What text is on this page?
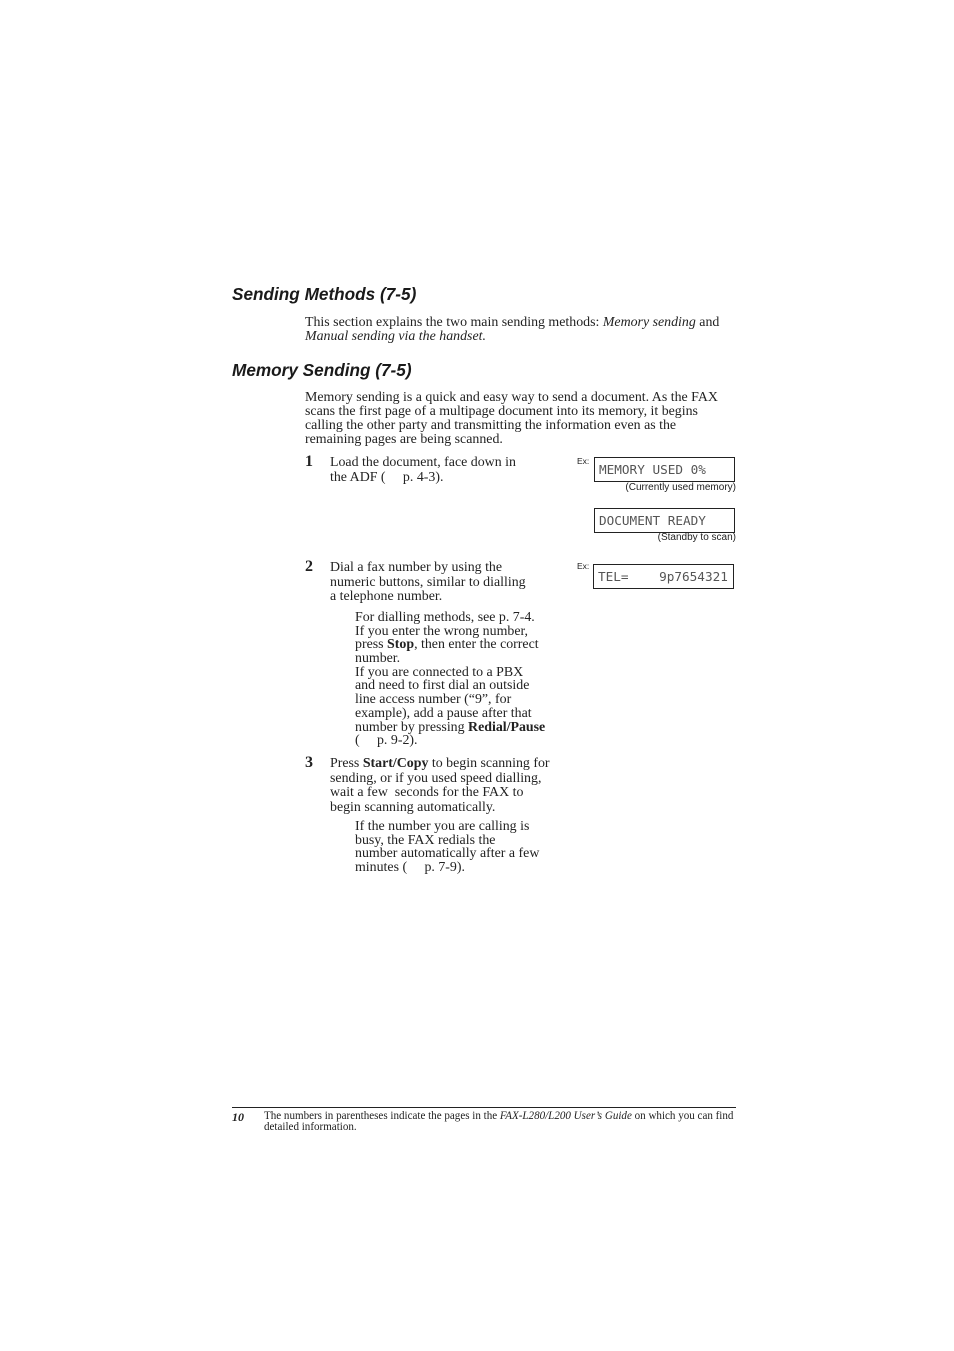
Sending Methods (7-5)
This section explains the two main sending methods: Memory sending and
Manual sending via the handset.
Memory Sending (7-5)
Memory sending is a quick and easy way to send a document. As the FAX
scans the first page of a multipage document into its memory, it begins
calling the other party and transmitting the information even as the
remaining pages are being scanned.
1 Load the document, face down in
the ADF (     p. 4-3).
Ex:
MEMORY USED 0%
(Currently used memory)
DOCUMENT READY
(Standby to scan)
Ex:
TEL=    9p7654321
2 Dial a fax number by using the
numeric buttons, similar to dialling
a telephone number.
For dialling methods, see p. 7-4.
If you enter the wrong number,
press Stop, then enter the correct
number.
If you are connected to a PBX
and need to first dial an outside
line access number (“9”, for
example), add a pause after that
number by pressing Redial/Pause
(     p. 9-2).
3 Press Start/Copy to begin scanning for
sending, or if you used speed dialling,
wait a few  seconds for the FAX to
begin scanning automatically.
If the number you are calling is
busy, the FAX redials the
number automatically after a few
minutes (     p. 7-9).
10 The numbers in parentheses indicate the pages in the FAX-L280/L200 User’s Guide on which you can find
detailed information.
